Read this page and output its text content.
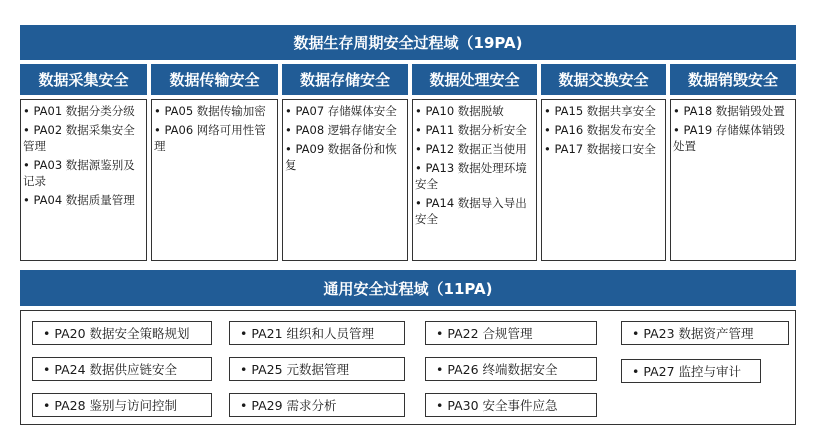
数据生存周期安全过程域（19PA)
数据采集安全	数据传输安全	数据存储安全	数据处理安全	数据交换安全	数据销毁安全
• PA01 数据分类分级
• PA02 数据采集安全管理
• PA03 数据源鉴别及记录
• PA04 数据质量管理
• PA05 数据传输加密
• PA06 网络可用性管理
• PA07 存储媒体安全
• PA08 逻辑存储安全
• PA09 数据备份和恢复
• PA10 数据脱敏
• PA11 数据分析安全
• PA12 数据正当使用
• PA13 数据处理环境安全
• PA14 数据导入导出安全
• PA15 数据共享安全
• PA16 数据发布安全
• PA17 数据接口安全
• PA18 数据销毁处置
• PA19 存储媒体销毁处置
通用安全过程域（11PA)
• PA20 数据安全策略规划	• PA21 组织和人员管理	• PA22 合规管理	• PA23 数据资产管理
• PA24 数据供应链安全	• PA25 元数据管理	• PA26 终端数据安全	• PA27 监控与审计
• PA28 鉴别与访问控制	• PA29 需求分析	• PA30 安全事件应急
